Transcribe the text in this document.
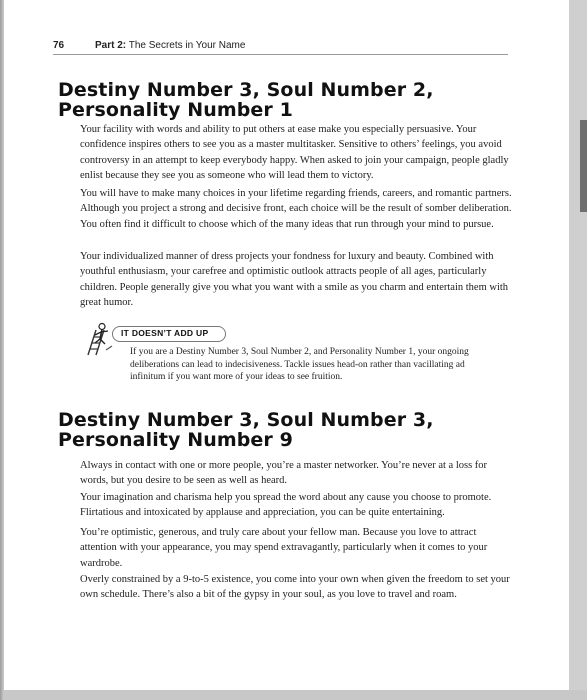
76	Part 2: The Secrets in Your Name
Destiny Number 3, Soul Number 2, Personality Number 1

Your facility with words and ability to put others at ease make you especially persuasive. Your confidence inspires others to see you as a master multitasker. Sensitive to others’ feelings, you avoid controversy in an attempt to keep everybody happy. When asked to join your campaign, people gladly enlist because they see you as someone who will lead them to victory.

You will have to make many choices in your lifetime regarding friends, careers, and romantic partners. Although you project a strong and decisive front, each choice will be the result of somber deliberation. You often find it difficult to choose which of the many ideas that run through your mind to pursue.

Your individualized manner of dress projects your fondness for luxury and beauty. Combined with youthful enthusiasm, your carefree and optimistic outlook attracts people of all ages, particularly children. People generally give you what you want with a smile as you charm and entertain them with great humor.

IT DOESN’T ADD UP

If you are a Destiny Number 3, Soul Number 2, and Personality Number 1, your ongoing deliberations can lead to indecisiveness. Tackle issues head-on rather than vacillating ad infinitum if you want more of your ideas to see fruition.

Destiny Number 3, Soul Number 3, Personality Number 9

Always in contact with one or more people, you’re a master networker. You’re never at a loss for words, but you desire to be seen as well as heard.

Your imagination and charisma help you spread the word about any cause you choose to promote. Flirtatious and intoxicated by applause and appreciation, you can be quite entertaining.

You’re optimistic, generous, and truly care about your fellow man. Because you love to attract attention with your appearance, you may spend extravagantly, particularly when it comes to your wardrobe.

Overly constrained by a 9-to-5 existence, you come into your own when given the freedom to set your own schedule. There’s also a bit of the gypsy in your soul, as you love to travel and roam.
